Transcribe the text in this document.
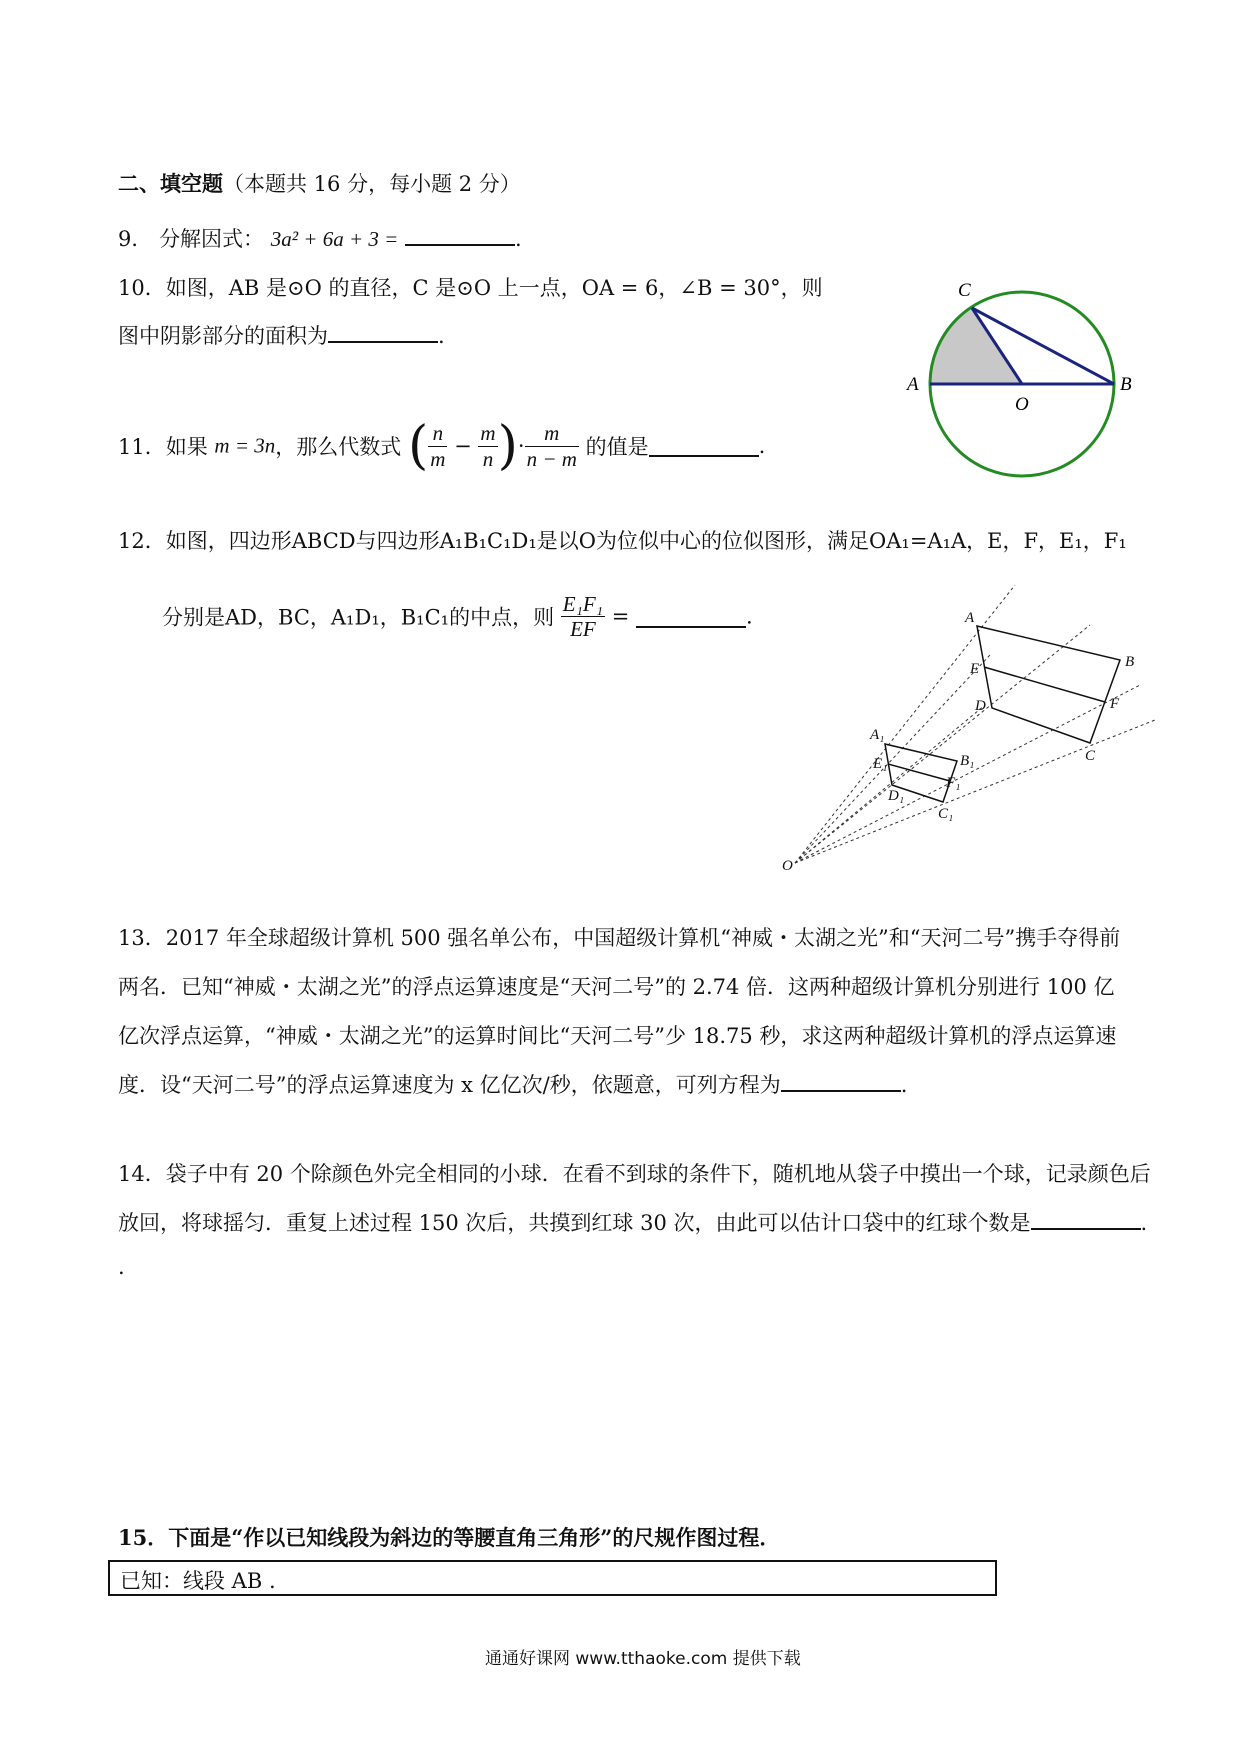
二、填空题（本题共 16 分，每小题 2 分）
9． 分解因式： 3a² + 6a + 3 =	.
10．如图，AB 是⊙O 的直径，C 是⊙O 上一点，OA = 6，∠B = 30°，则
图中阴影部分的面积为	.
C
A	B
O
11．如果 m = 3n，那么代数式 ( $\frac{n}{m} - \frac{m}{n}$ )· $\frac{m}{n - m}$ 的值是	.
12．如图，四边形ABCD与四边形A₁B₁C₁D₁是以O为位似中心的位似图形，满足OA₁=A₁A，E，F，E₁，F₁
分别是AD，BC，A₁D₁，B₁C₁的中点，则 $\frac{\text{E₁F₁}}{EF}$ =	.	A
B
E
D	F
C
A₁
E₁	B₁
D₁
F₁
C₁
O
13．2017 年全球超级计算机 500 强名单公布，中国超级计算机“神威・太湖之光”和“天河二号”携手夺得前
两名．已知“神威・太湖之光”的浮点运算速度是“天河二号”的 2.74 倍．这两种超级计算机分别进行 100 亿
亿次浮点运算，“神威・太湖之光”的运算时间比“天河二号”少 18.75 秒，求这两种超级计算机的浮点运算速
度．设“天河二号”的浮点运算速度为 x 亿亿次/秒，依题意，可列方程为	.
14．袋子中有 20 个除颜色外完全相同的小球．在看不到球的条件下，随机地从袋子中摸出一个球，记录颜色后
放回，将球摇匀．重复上述过程 150 次后，共摸到红球 30 次，由此可以估计口袋中的红球个数是	.
.
15．下面是“作以已知线段为斜边的等腰直角三角形”的尺规作图过程．
已知：线段 AB .
通通好课网 www.tthaoke.com 提供下载
